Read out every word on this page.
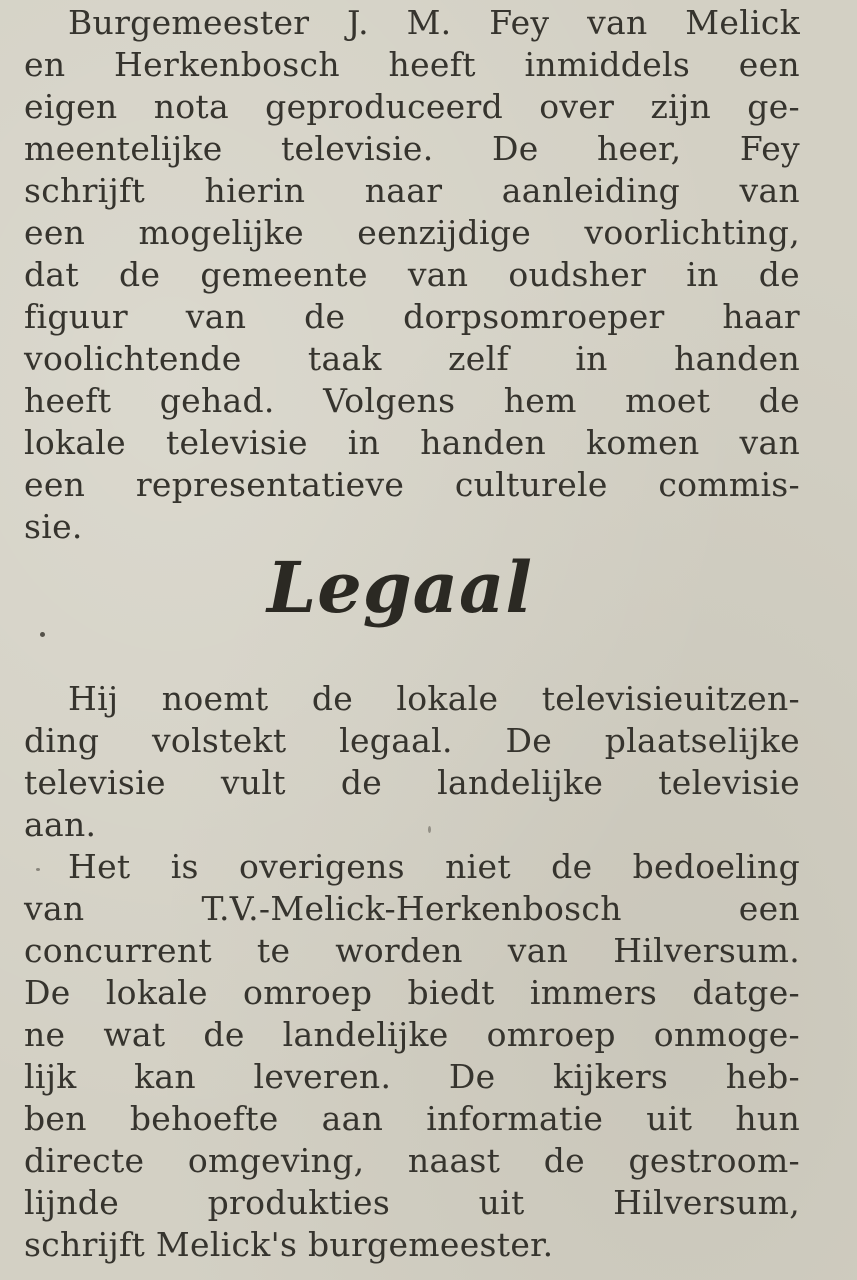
Burgemeester J. M. Fey van Melick
en Herkenbosch heeft inmiddels een
eigen nota geproduceerd over zijn ge-
meentelijke televisie. De heer, Fey
schrijft hierin naar aanleiding van
een mogelijke eenzijdige voorlichting,
dat de gemeente van oudsher in de
figuur van de dorpsomroeper haar
voolichtende taak zelf in handen
heeft gehad. Volgens hem moet de
lokale televisie in handen komen van
een representatieve culturele commis-
sie.
Legaal
Hij noemt de lokale televisieuitzen-
ding volstekt legaal. De plaatselijke
televisie vult de landelijke televisie
aan.
Het is overigens niet de bedoeling
van T.V.-Melick-Herkenbosch een
concurrent te worden van Hilversum.
De lokale omroep biedt immers datge-
ne wat de landelijke omroep onmoge-
lijk kan leveren. De kijkers heb-
ben behoefte aan informatie uit hun
directe omgeving, naast de gestroom-
lijnde produkties uit Hilversum,
schrijft Melick's burgemeester.
